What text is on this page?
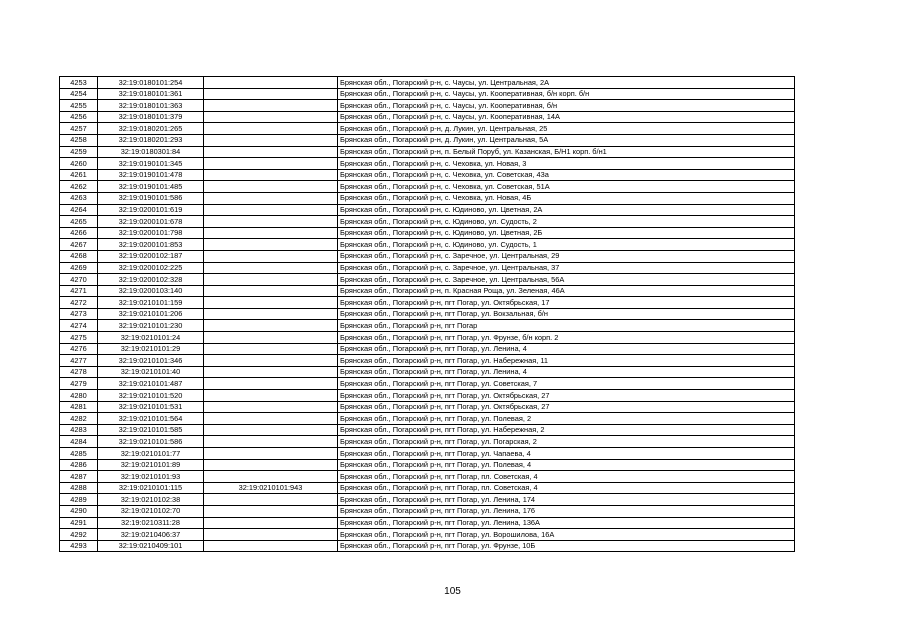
4253	32:19:0180101:254		Брянская обл., Погарский р-н, с. Чаусы, ул. Центральная, 2А
4254	32:19:0180101:361		Брянская обл., Погарский р-н, с. Чаусы, ул. Кооперативная, б/н корп. б/н
4255	32:19:0180101:363		Брянская обл., Погарский р-н, с. Чаусы, ул. Кооперативная, б/н
4256	32:19:0180101:379		Брянская обл., Погарский р-н, с. Чаусы, ул. Кооперативная, 14А
4257	32:19:0180201:265		Брянская обл., Погарский р-н, д. Лукин, ул. Центральная, 25
4258	32:19:0180201:293		Брянская обл., Погарский р-н, д. Лукин, ул. Центральная, 5А
4259	32:19:0180301:84		Брянская обл., Погарский р-н, п. Белый Поруб, ул. Казанская, Б/Н1 корп. б/н1
4260	32:19:0190101:345		Брянская обл., Погарский р-н, с. Чеховка, ул. Новая, 3
4261	32:19:0190101:478		Брянская обл., Погарский р-н, с. Чеховка, ул. Советская, 43а
4262	32:19:0190101:485		Брянская обл., Погарский р-н, с. Чеховка, ул. Советская, 51А
4263	32:19:0190101:586		Брянская обл., Погарский р-н, с. Чеховка, ул. Новая, 4Б
4264	32:19:0200101:619		Брянская обл., Погарский р-н, с. Юдиново, ул. Цветная, 2А
4265	32:19:0200101:678		Брянская обл., Погарский р-н, с. Юдиново, ул. Судость, 2
4266	32:19:0200101:798		Брянская обл., Погарский р-н, с. Юдиново, ул. Цветная, 2Б
4267	32:19:0200101:853		Брянская обл., Погарский р-н, с. Юдиново, ул. Судость, 1
4268	32:19:0200102:187		Брянская обл., Погарский р-н, с. Заречное, ул. Центральная, 29
4269	32:19:0200102:225		Брянская обл., Погарский р-н, с. Заречное, ул. Центральная, 37
4270	32:19:0200102:328		Брянская обл., Погарский р-н, с. Заречное, ул. Центральная, 56А
4271	32:19:0200103:140		Брянская обл., Погарский р-н, п. Красная Роща, ул. Зеленая, 46А
4272	32:19:0210101:159		Брянская обл., Погарский р-н, пгт Погар, ул. Октябрьская, 17
4273	32:19:0210101:206		Брянская обл., Погарский р-н, пгт Погар, ул. Вокзальная, б/н
4274	32:19:0210101:230		Брянская обл., Погарский р-н, пгт Погар
4275	32:19:0210101:24		Брянская обл., Погарский р-н, пгт Погар, ул. Фрунзе, б/н корп. 2
4276	32:19:0210101:29		Брянская обл., Погарский р-н, пгт Погар, ул. Ленина, 4
4277	32:19:0210101:346		Брянская обл., Погарский р-н, пгт Погар, ул. Набережная, 11
4278	32:19:0210101:40		Брянская обл., Погарский р-н, пгт Погар, ул. Ленина, 4
4279	32:19:0210101:487		Брянская обл., Погарский р-н, пгт Погар, ул. Советская, 7
4280	32:19:0210101:520		Брянская обл., Погарский р-н, пгт Погар, ул. Октябрьская, 27
4281	32:19:0210101:531		Брянская обл., Погарский р-н, пгт Погар, ул. Октябрьская, 27
4282	32:19:0210101:564		Брянская обл., Погарский р-н, пгт Погар, ул. Полевая, 2
4283	32:19:0210101:585		Брянская обл., Погарский р-н, пгт Погар, ул. Набережная, 2
4284	32:19:0210101:586		Брянская обл., Погарский р-н, пгт Погар, ул. Погарская, 2
4285	32:19:0210101:77		Брянская обл., Погарский р-н, пгт Погар, ул. Чапаева, 4
4286	32:19:0210101:89		Брянская обл., Погарский р-н, пгт Погар, ул. Полевая, 4
4287	32:19:0210101:93		Брянская обл., Погарский р-н, пгт Погар, пл. Советская, 4
4288	32:19:0210101:115	32:19:0210101:943	Брянская обл., Погарский р-н, пгт Погар, пл. Советская, 4
4289	32:19:0210102:38		Брянская обл., Погарский р-н, пгт Погар, ул. Ленина, 174
4290	32:19:0210102:70		Брянская обл., Погарский р-н, пгт Погар, ул. Ленина, 176
4291	32:19:0210311:28		Брянская обл., Погарский р-н, пгт Погар, ул. Ленина, 136А
4292	32:19:0210406:37		Брянская обл., Погарский р-н, пгт Погар, ул. Ворошилова, 16А
4293	32:19:0210409:101		Брянская обл., Погарский р-н, пгт Погар, ул. Фрунзе, 10Б
105
